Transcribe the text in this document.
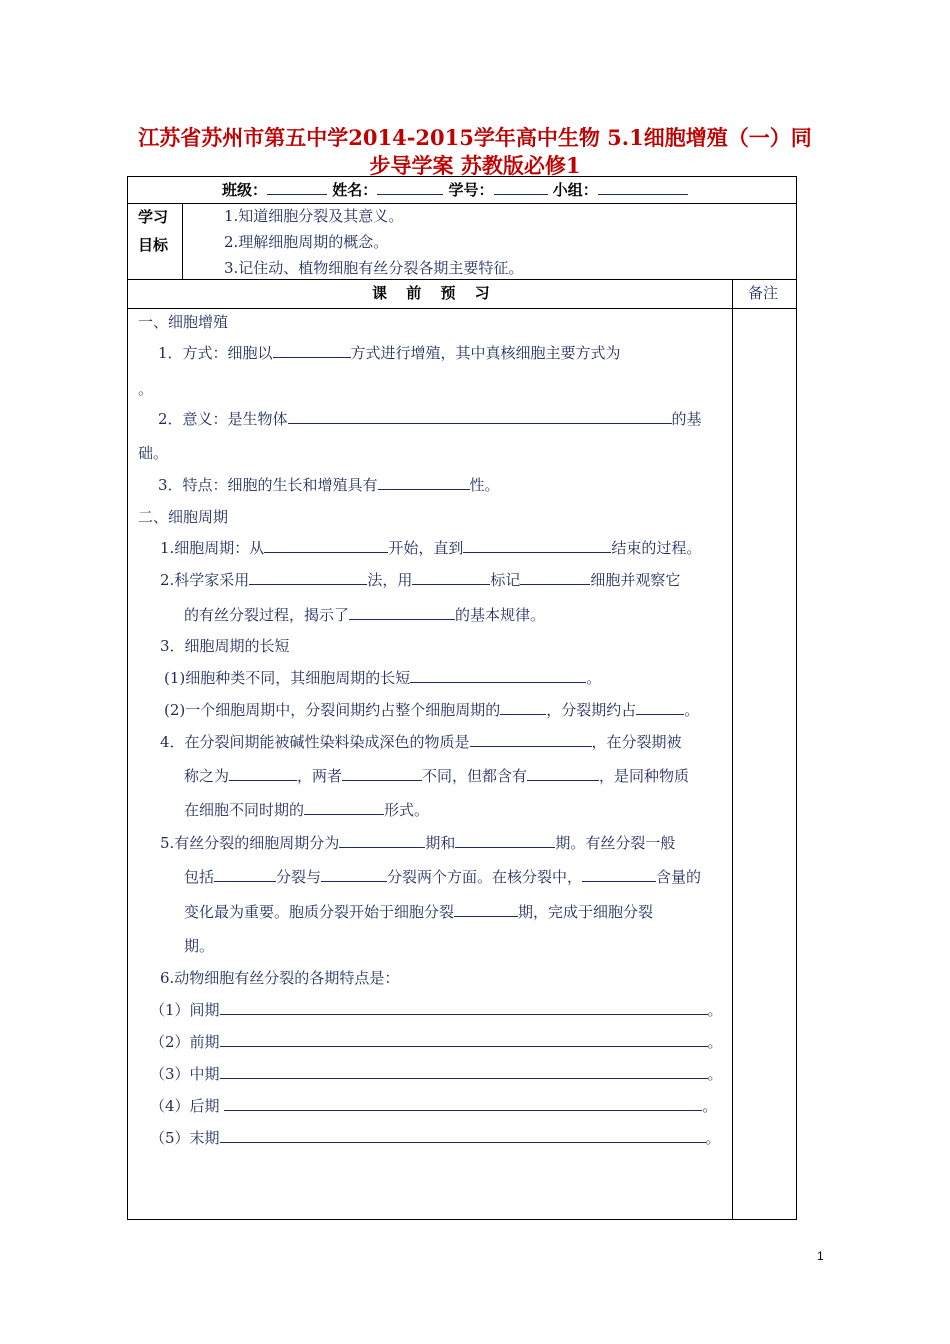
江苏省苏州市第五中学2014-2015学年高中生物 5.1细胞增殖（一）同
步导学案 苏教版必修1
班级：	姓名：	学号：	小组：
学习
目标
1.知道细胞分裂及其意义。
2.理解细胞周期的概念。
3.记住动、植物细胞有丝分裂各期主要特征。
课 前 预 习	备注
一、细胞增殖
1．方式：细胞以	方式进行增殖，其中真核细胞主要方式为
。
2．意义：是生物体	的基
础。
3．特点：细胞的生长和增殖具有	性。
二、细胞周期
1.细胞周期：从	开始，直到	结束的过程。
2.科学家采用	法，用	标记	细胞并观察它
的有丝分裂过程，揭示了	的基本规律。
3．细胞周期的长短
(1)细胞种类不同，其细胞周期的长短	。
(2)一个细胞周期中，分裂间期约占整个细胞周期的	，分裂期约占	。
4．在分裂间期能被碱性染料染成深色的物质是	，在分裂期被
称之为	，两者	不同，但都含有	，是同种物质
在细胞不同时期的	形式。
5.有丝分裂的细胞周期分为	期和	期。有丝分裂一般
包括	分裂与	分裂两个方面。在核分裂中，	含量的
变化最为重要。胞质分裂开始于细胞分裂	期，完成于细胞分裂
期。
6.动物细胞有丝分裂的各期特点是：
（1）间期	。
（2）前期	。
（3）中期	。
（4）后期	。
（5）末期	。
1
